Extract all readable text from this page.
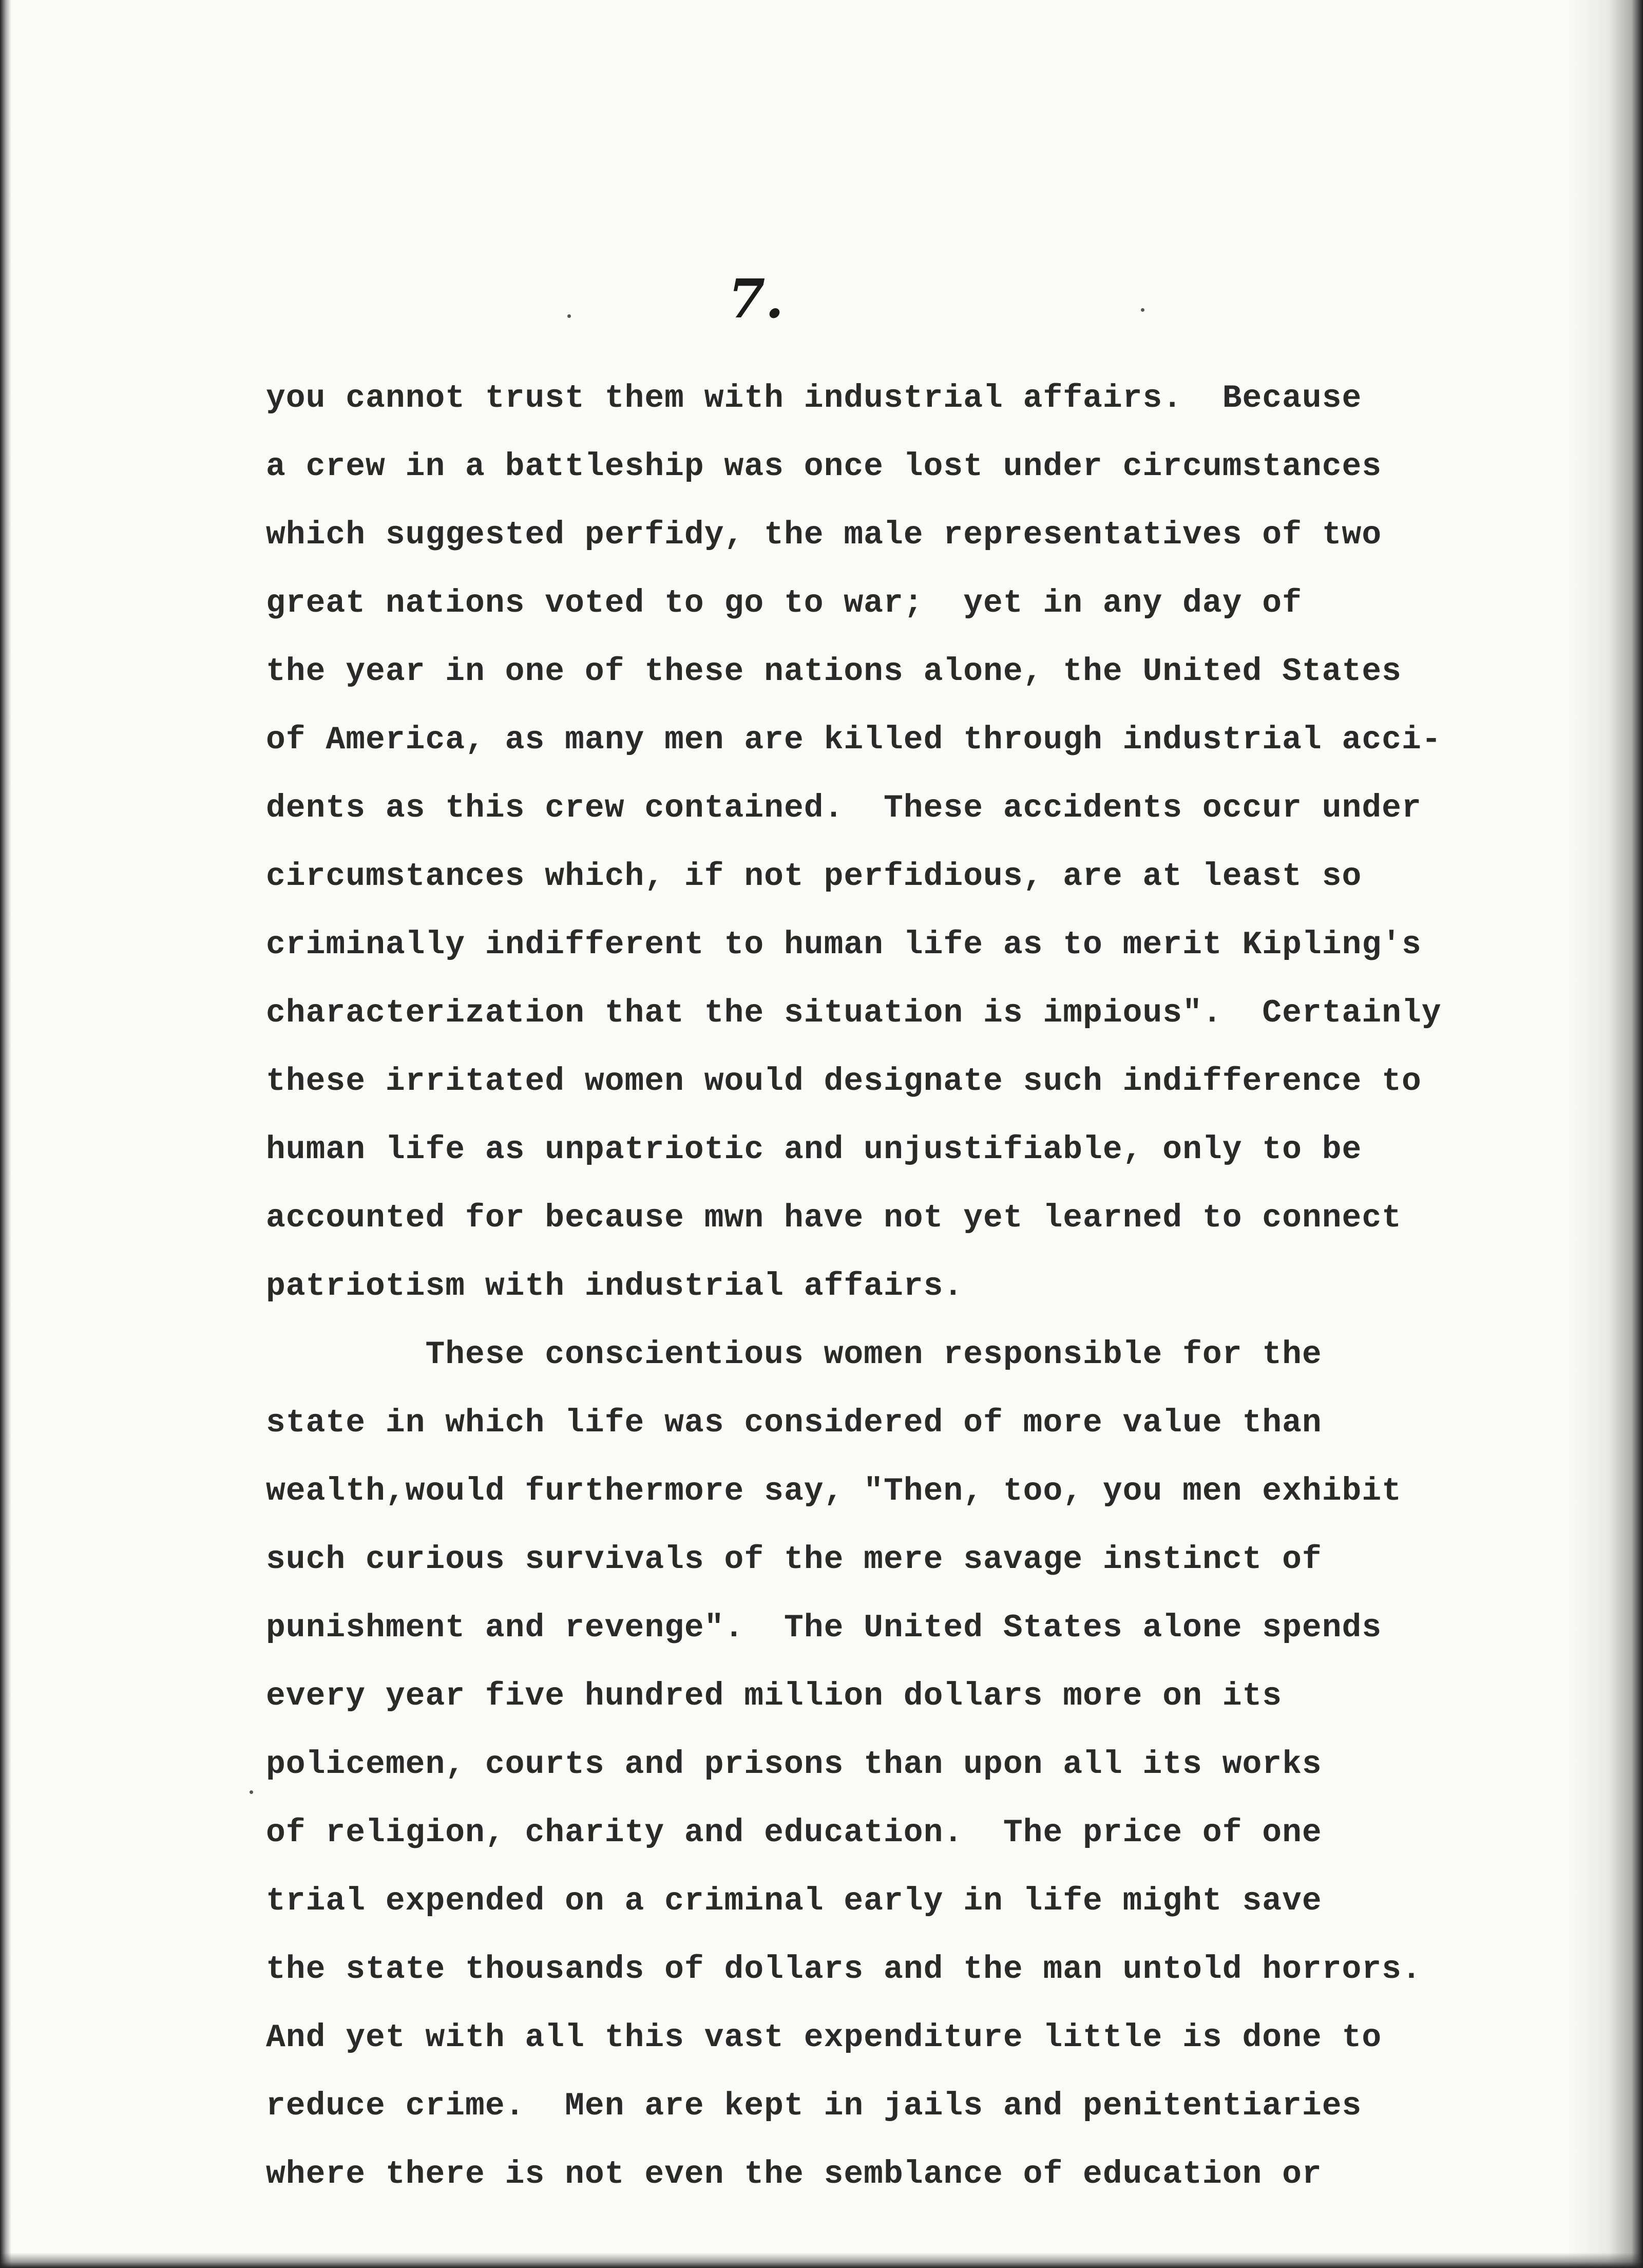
7.
you cannot trust them with industrial affairs.  Because
a crew in a battleship was once lost under circumstances
which suggested perfidy, the male representatives of two
great nations voted to go to war;  yet in any day of
the year in one of these nations alone, the United States
of America, as many men are killed through industrial acci-
dents as this crew contained.  These accidents occur under
circumstances which, if not perfidious, are at least so
criminally indifferent to human life as to merit Kipling's
characterization that the situation is impious".  Certainly
these irritated women would designate such indifference to
human life as unpatriotic and unjustifiable, only to be
accounted for because mwn have not yet learned to connect
patriotism with industrial affairs.
These conscientious women responsible for the
state in which life was considered of more value than
wealth,would furthermore say, "Then, too, you men exhibit
such curious survivals of the mere savage instinct of
punishment and revenge".  The United States alone spends
every year five hundred million dollars more on its
policemen, courts and prisons than upon all its works
of religion, charity and education.  The price of one
trial expended on a criminal early in life might save
the state thousands of dollars and the man untold horrors.
And yet with all this vast expenditure little is done to
reduce crime.  Men are kept in jails and penitentiaries
where there is not even the semblance of education or
